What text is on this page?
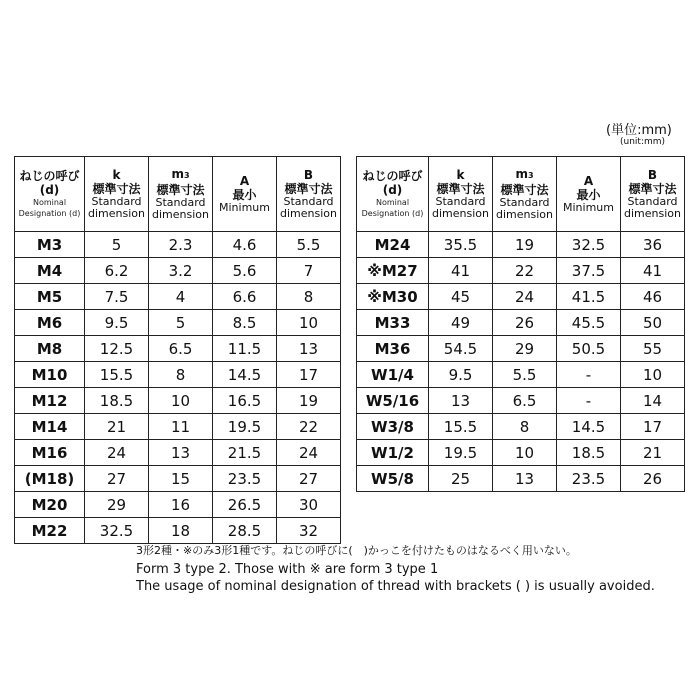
(単位:mm)
(unit:mm)
ねじの呼び
(d)
Nominal
Designation (d)	k
標準寸法
Standard
dimension	m3
標準寸法
Standard
dimension	A
最小
Minimum	B
標準寸法
Standard
dimension

M3	5	2.3	4.6	5.5
M4	6.2	3.2	5.6	7
M5	7.5	4	6.6	8
M6	9.5	5	8.5	10
M8	12.5	6.5	11.5	13
M10	15.5	8	14.5	17
M12	18.5	10	16.5	19
M14	21	11	19.5	22
M16	24	13	21.5	24
(M18)	27	15	23.5	27
M20	29	16	26.5	30
M22	32.5	18	28.5	32
ねじの呼び
(d)
Nominal
Designation (d)	k
標準寸法
Standard
dimension	m3
標準寸法
Standard
dimension	A
最小
Minimum	B
標準寸法
Standard
dimension

M24	35.5	19	32.5	36
※M27	41	22	37.5	41
※M30	45	24	41.5	46
M33	49	26	45.5	50
M36	54.5	29	50.5	55
W1/4	9.5	5.5	-	10
W5/16	13	6.5	-	14
W3/8	15.5	8	14.5	17
W1/2	19.5	10	18.5	21
W5/8	25	13	23.5	26
3形2種・※のみ3形1種です。ねじの呼びに(　)かっこを付けたものはなるべく用いない。
Form 3 type 2. Those with ※ are form 3 type 1
The usage of nominal designation of thread with brackets ( ) is usually avoided.
